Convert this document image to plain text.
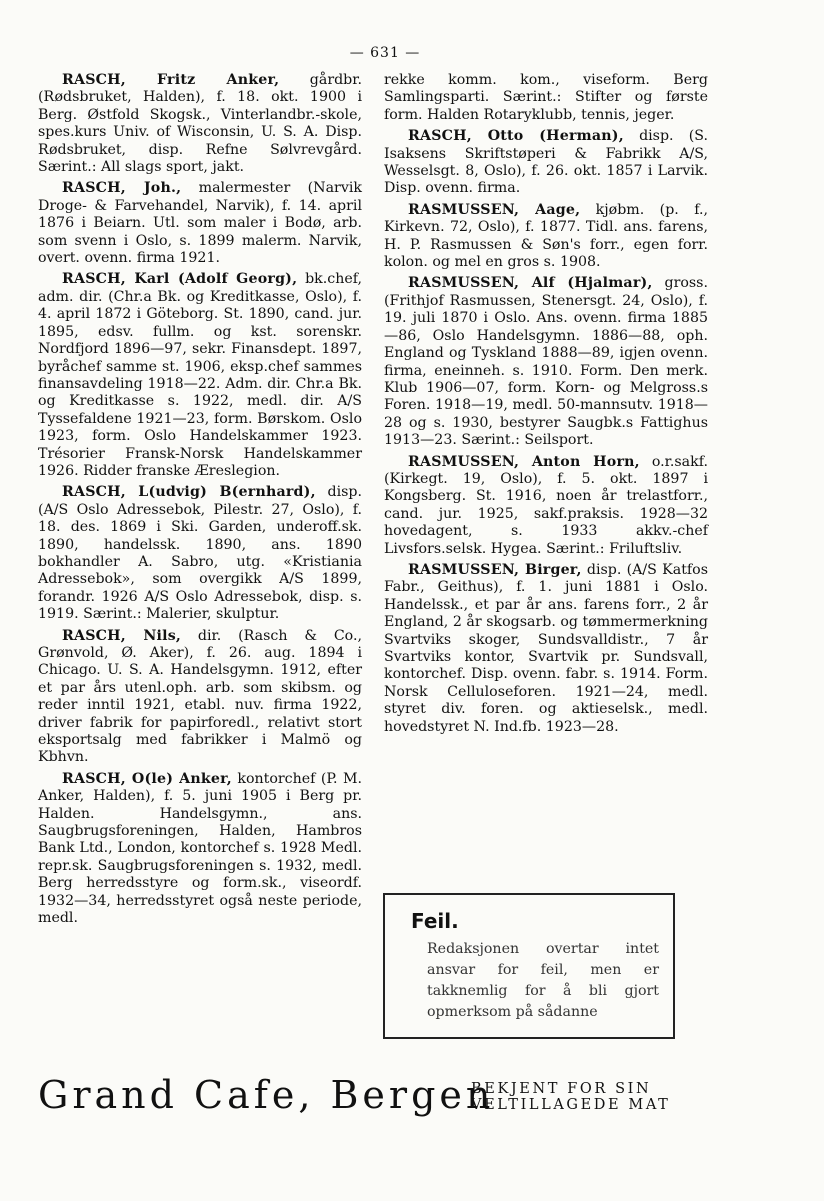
— 631 —

RASCH, Fritz Anker, gårdbr. (Rødsbruket, Halden), f. 18. okt. 1900 i Berg. Østfold Skogsk., Vinterlandbr.-skole, spes.kurs Univ. of Wisconsin, U. S. A. Disp. Rødsbruket, disp. Refne Sølvrevgård. Særint.: All slags sport, jakt.

RASCH, Joh., malermester (Narvik Droge- & Farvehandel, Narvik), f. 14. april 1876 i Beiarn. Utl. som maler i Bodø, arb. som svenn i Oslo, s. 1899 malerm. Narvik, overt. ovenn. firma 1921.

RASCH, Karl (Adolf Georg), bk.chef, adm. dir. (Chr.a Bk. og Kreditkasse, Oslo), f. 4. april 1872 i Göteborg. St. 1890, cand. jur. 1895, edsv. fullm. og kst. sorenskr. Nordfjord 1896—97, sekr. Finansdept. 1897, byråchef samme st. 1906, eksp.chef sammes finansavdeling 1918—22. Adm. dir. Chr.a Bk. og Kreditkasse s. 1922, medl. dir. A/S Tyssefaldene 1921—23, form. Børskom. Oslo 1923, form. Oslo Handelskammer 1923. Trésorier Fransk-Norsk Handelskammer 1926. Ridder franske Æreslegion.

RASCH, L(udvig) B(ernhard), disp. (A/S Oslo Adressebok, Pilestr. 27, Oslo), f. 18. des. 1869 i Ski. Garden, underoff.sk. 1890, handelssk. 1890, ans. 1890 bokhandler A. Sabro, utg. «Kristiania Adressebok», som overgikk A/S 1899, forandr. 1926 A/S Oslo Adressebok, disp. s. 1919. Særint.: Malerier, skulptur.

RASCH, Nils, dir. (Rasch & Co., Grønvold, Ø. Aker), f. 26. aug. 1894 i Chicago. U. S. A. Handelsgymn. 1912, efter et par års utenl.oph. arb. som skibsm. og reder inntil 1921, etabl. nuv. firma 1922, driver fabrik for papirforedl., relativt stort eksportsalg med fabrikker i Malmö og Kbhvn.

RASCH, O(le) Anker, kontorchef (P. M. Anker, Halden), f. 5. juni 1905 i Berg pr. Halden. Handelsgymn., ans. Saugbrugsforeningen, Halden, Hambros Bank Ltd., London, kontorchef s. 1928 Medl. repr.sk. Saugbrugsforeningen s. 1932, medl. Berg herredsstyre og form.sk., viseordf. 1932—34, herredsstyret også neste periode, medl.

rekke komm. kom., viseform. Berg Samlingsparti. Særint.: Stifter og første form. Halden Rotaryklubb, tennis, jeger.

RASCH, Otto (Herman), disp. (S. Isaksens Skriftstøperi & Fabrikk A/S, Wesselsgt. 8, Oslo), f. 26. okt. 1857 i Larvik. Disp. ovenn. firma.

RASMUSSEN, Aage, kjøbm. (p. f., Kirkevn. 72, Oslo), f. 1877. Tidl. ans. farens, H. P. Rasmussen & Søn's forr., egen forr. kolon. og mel en gros s. 1908.

RASMUSSEN, Alf (Hjalmar), gross. (Frithjof Rasmussen, Stenersgt. 24, Oslo), f. 19. juli 1870 i Oslo. Ans. ovenn. firma 1885—86, Oslo Handelsgymn. 1886—88, oph. England og Tyskland 1888—89, igjen ovenn. firma, eneinneh. s. 1910. Form. Den merk. Klub 1906—07, form. Korn- og Melgross.s Foren. 1918—19, medl. 50-mannsutv. 1918—28 og s. 1930, bestyrer Saugbk.s Fattighus 1913—23. Særint.: Seilsport.

RASMUSSEN, Anton Horn, o.r.sakf. (Kirkegt. 19, Oslo), f. 5. okt. 1897 i Kongsberg. St. 1916, noen år trelastforr., cand. jur. 1925, sakf.praksis. 1928—32 hovedagent, s. 1933 akkv.-chef Livsfors.selsk. Hygea. Særint.: Friluftsliv.

RASMUSSEN, Birger, disp. (A/S Katfos Fabr., Geithus), f. 1. juni 1881 i Oslo. Handelssk., et par år ans. farens forr., 2 år England, 2 år skogsarb. og tømmermerkning Svartviks skoger, Sundsvalldistr., 7 år Svartviks kontor, Svartvik pr. Sundsvall, kontorchef. Disp. ovenn. fabr. s. 1914. Form. Norsk Celluloseforen. 1921—24, medl. styret div. foren. og aktieselsk., medl. hovedstyret N. Ind.fb. 1923—28.

Feil.
Redaksjonen overtar intet ansvar for feil, men er takknemlig for å bli gjort opmerksom på sådanne
Grand Cafe, Bergen
BEKJENT FOR SIN
VELTILLAGEDE MAT
